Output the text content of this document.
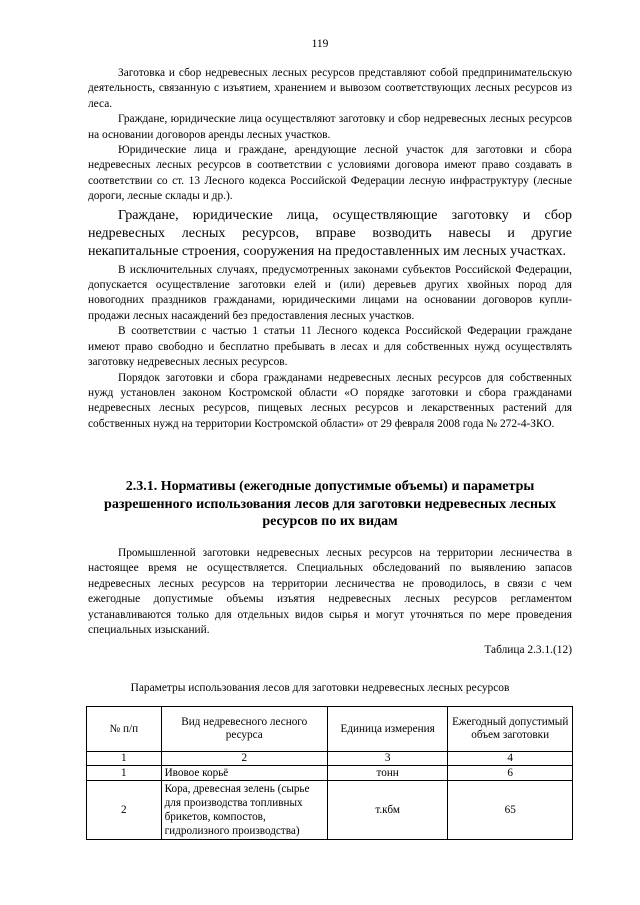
119

Заготовка и сбор недревесных лесных ресурсов представляют собой предпринимательскую деятельность, связанную с изъятием, хранением и вывозом соответствующих лесных ресурсов из леса.

Граждане, юридические лица осуществляют заготовку и сбор недревесных лесных ресурсов на основании договоров аренды лесных участков.

Юридические лица и граждане, арендующие лесной участок для заготовки и сбора недревесных лесных ресурсов в соответствии с условиями договора имеют право создавать в соответствии со ст. 13 Лесного кодекса Российской Федерации лесную инфраструктуру (лесные дороги, лесные склады и др.).

Граждане, юридические лица, осуществляющие заготовку и сбор недревесных лесных ресурсов, вправе возводить навесы и другие некапитальные строения, сооружения на предоставленных им лесных участках.

В исключительных случаях, предусмотренных законами субъектов Российской Федерации, допускается осуществление заготовки елей и (или) деревьев других хвойных пород для новогодних праздников гражданами, юридическими лицами на основании договоров купли-продажи лесных насаждений без предоставления лесных участков.

В соответствии с частью 1 статьи 11 Лесного кодекса Российской Федерации граждане имеют право свободно и бесплатно пребывать в лесах и для собственных нужд осуществлять заготовку недревесных лесных ресурсов.

Порядок заготовки и сбора гражданами недревесных лесных ресурсов для собственных нужд установлен законом Костромской области «О порядке заготовки и сбора гражданами недревесных лесных ресурсов, пищевых лесных ресурсов и лекарственных растений для собственных нужд на территории Костромской области» от 29 февраля 2008 года № 272-4-ЗКО.

2.3.1. Нормативы (ежегодные допустимые объемы) и параметры разрешенного использования лесов для заготовки недревесных лесных ресурсов по их видам

Промышленной заготовки недревесных лесных ресурсов на территории лесничества в настоящее время не осуществляется. Специальных обследований по выявлению запасов недревесных лесных ресурсов на территории лесничества не проводилось, в связи с чем ежегодные допустимые объемы изъятия недревесных лесных ресурсов регламентом устанавливаются только для отдельных видов сырья и могут уточняться по мере проведения специальных изысканий.

Таблица 2.3.1.(12)
Параметры использования лесов для заготовки недревесных лесных ресурсов
№ п/п	Вид недревесного лесного ресурса	Единица измерения	Ежегодный допустимый объем заготовки
1	2	3	4
1	Ивовое корьё	тонн	6
2	Кора, древесная зелень (сырье для производства топливных брикетов, компостов, гидролизного производства)	т.кбм	65
